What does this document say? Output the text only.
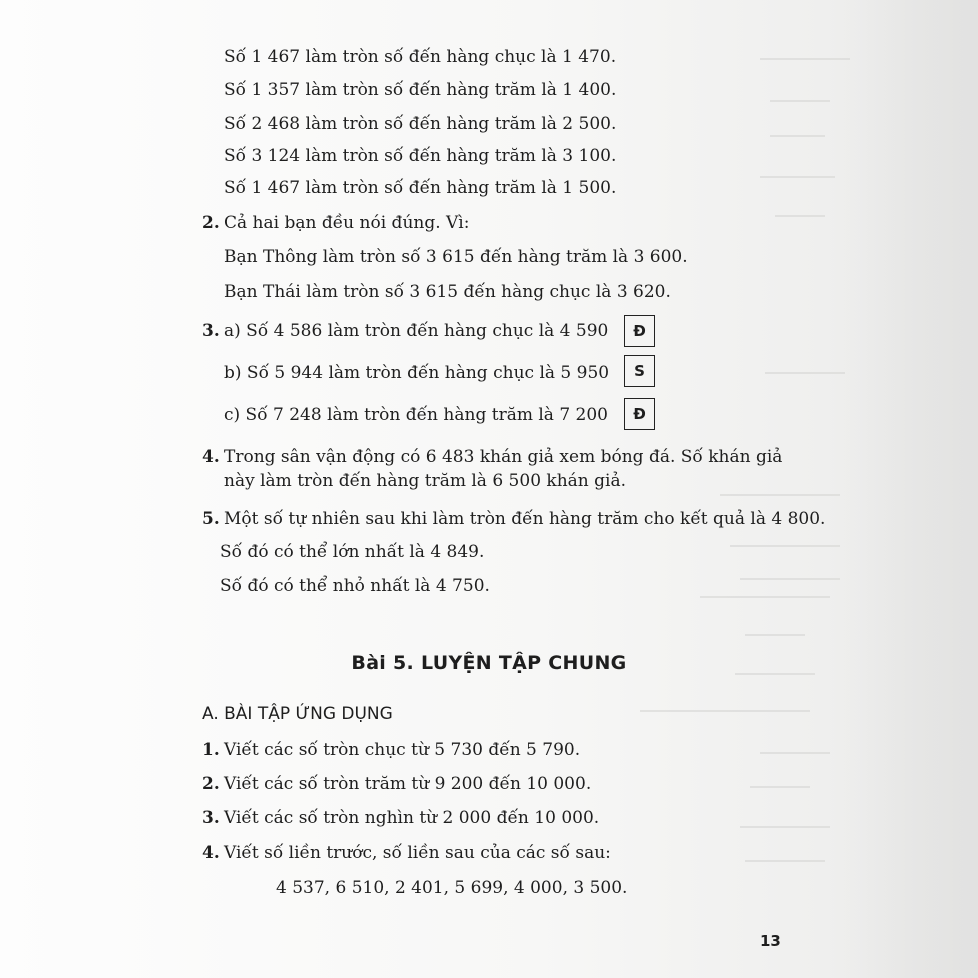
Số 1 467 làm tròn số đến hàng chục là 1 470.
Số 1 357 làm tròn số đến hàng trăm là 1 400.
Số 2 468 làm tròn số đến hàng trăm là 2 500.
Số 3 124 làm tròn số đến hàng trăm là 3 100.
Số 1 467 làm tròn số đến hàng trăm là 1 500.
2. Cả hai bạn đều nói đúng. Vì:
Bạn Thông làm tròn số 3 615 đến hàng trăm là 3 600.
Bạn Thái làm tròn số 3 615 đến hàng chục là 3 620.
3. a) Số 4 586 làm tròn đến hàng chục là 4 590 Đ
b) Số 5 944 làm tròn đến hàng chục là 5 950 S
c) Số 7 248 làm tròn đến hàng trăm là 7 200 Đ
4. Trong sân vận động có 6 483 khán giả xem bóng đá. Số khán giả
này làm tròn đến hàng trăm là 6 500 khán giả.
5. Một số tự nhiên sau khi làm tròn đến hàng trăm cho kết quả là 4 800.
Số đó có thể lớn nhất là 4 849.
Số đó có thể nhỏ nhất là 4 750.
Bài 5. LUYỆN TẬP CHUNG
A. BÀI TẬP ỨNG DỤNG
1. Viết các số tròn chục từ 5 730 đến 5 790.
2. Viết các số tròn trăm từ 9 200 đến 10 000.
3. Viết các số tròn nghìn từ 2 000 đến 10 000.
4. Viết số liền trước, số liền sau của các số sau:
4 537, 6 510, 2 401, 5 699, 4 000, 3 500.
13
